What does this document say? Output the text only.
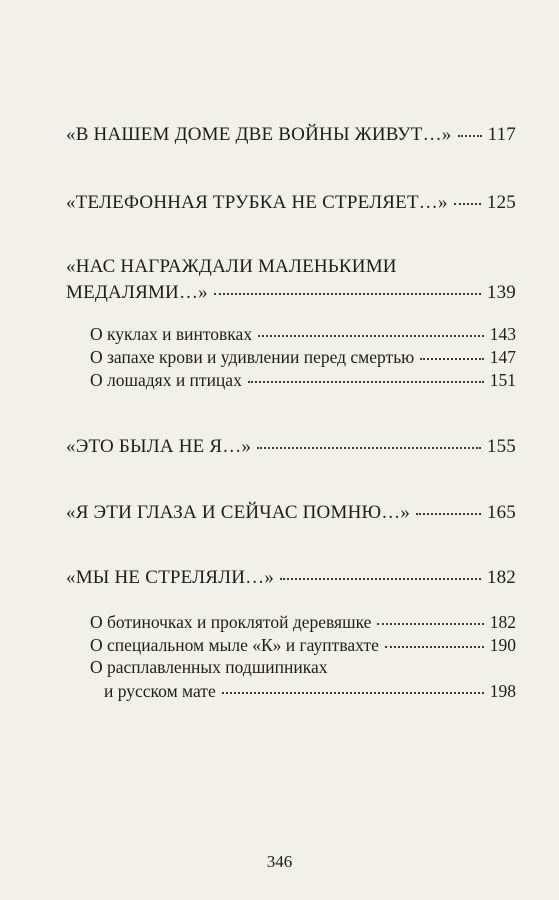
«В НАШЕМ ДОМЕ ДВЕ ВОЙНЫ ЖИВУТ…» 117
«ТЕЛЕФОННАЯ ТРУБКА НЕ СТРЕЛЯЕТ…» 125
«НАС НАГРАЖДАЛИ МАЛЕНЬКИМИ
МЕДАЛЯМИ…»	139
О куклах и винтовках	143
О запахе крови и удивлении перед смертью	147
О лошадях и птицах	151
«ЭТО БЫЛА НЕ Я…»	155
«Я ЭТИ ГЛАЗА И СЕЙЧАС ПОМНЮ…»	165
«МЫ НЕ СТРЕЛЯЛИ…»	182
О ботиночках и проклятой деревяшке	182
О специальном мыле «К» и гауптвахте	190
О расплавленных подшипниках
и русском мате	198
346
